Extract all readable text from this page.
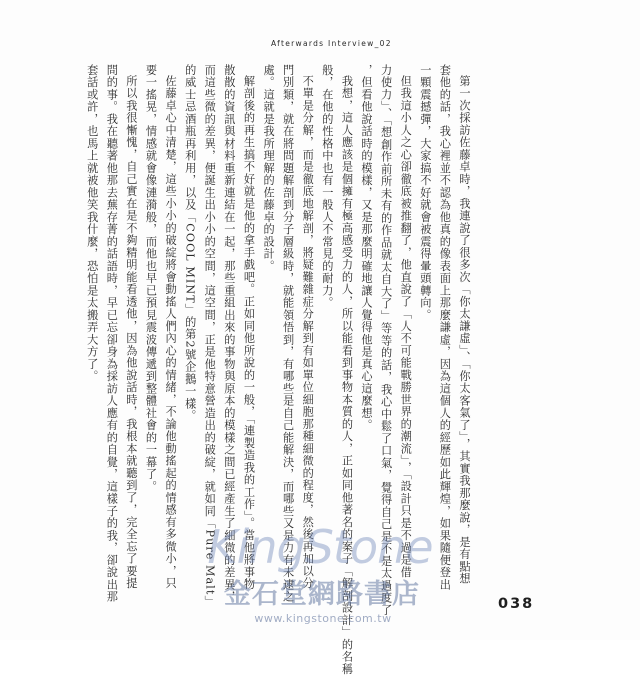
Afterwards Interview_02

第一次採訪佐藤卓時，我連說了很多次「你太謙虛」、「你太客氣了」，其實我那麼說，是有點想

套他的話，我心裡並不認為他真的像表面上那麼謙虛，因為這個人的經歷如此輝煌，如果隨便登出

一顆震撼彈，大家搞不好就會被震得暈頭轉向。

但我這小人之心卻徹底被推翻了，他直說了「人不可能戰勝世界的潮流」，「設計只是不過是借

力使力」、「想創作前所未有的作品就太自大了」等等的話，我心中鬆了口氣，覺得自己是不是太過度了

，但看他說話時的模樣，又是那麼明確地讓人覺得他是真心這麼想。

我想，這人應該是個擁有極高感受力的人，所以能看到事物本質的人，正如同他著名的案子「解剖設計」的名稱

般，在他的性格中也有一般人不常見的耐力。

不單是分解，而是徹底地解剖，將疑難雜症分解到有如單位細胞那種細微的程度，然後再加以分

門別類，就在將問題解剖到分子層級時，就能領悟到，有哪些是自己能解決，而哪些又是力有未逮之

處。這就是我所理解的佐藤卓的設計。

解剖後的再生搞不好就是他的拿手戲吧。正如同他所說的一般，「連製造我的工作」。當他將事物

散散的資訊與材料重新連結在一起，那些重組出來的事物與原本的模樣之間已經產生了細微的差異，

而這些微的差異，便誕生出小小的空間，這空間，正是他特意營造出的破綻，就如同「Pure Malt」

的威士忌酒瓶再利用，以及「COOL MINT」的第2號企鵝一樣。

佐藤卓心中清楚，這些小小的破綻將會動搖人們內心的情緒，不論他動搖起的情感有多微小，只

要一搖晃，情感就會像漣漪般，而他也早已預見震波傳遞到整體社會的一幕了。

所以我很慚愧，自己實在是不夠精明能看透他，因為他說話時，我根本就聽到了，完全忘了要提

問的事。我在聽著他那去蕪存菁的話語時，早已忘卻身為採訪人應有的自覺，這樣子的我，卻說出那

套話或許，也馬上就被他笑我什麼，恐怕是太搬弄大方了。

KingStone
金石堂網路書店
www.kingstone.com.tw
038
